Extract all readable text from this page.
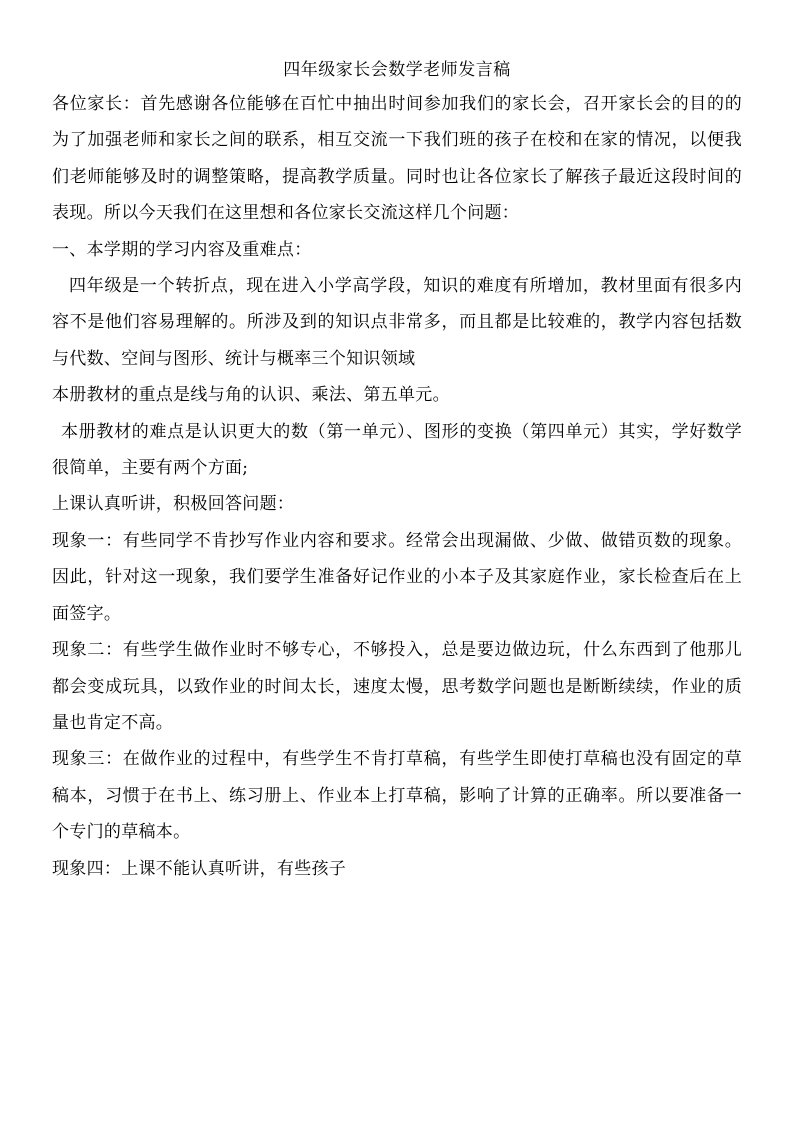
四年级家长会数学老师发言稿

各位家长：首先感谢各位能够在百忙中抽出时间参加我们的家长会，召开家长会的目的的为了加强老师和家长之间的联系，相互交流一下我们班的孩子在校和在家的情况，以便我们老师能够及时的调整策略，提高教学质量。同时也让各位家长了解孩子最近这段时间的表现。所以今天我们在这里想和各位家长交流这样几个问题：

一、本学期的学习内容及重难点：

四年级是一个转折点，现在进入小学高学段，知识的难度有所增加，教材里面有很多内容不是他们容易理解的。所涉及到的知识点非常多，而且都是比较难的，教学内容包括数与代数、空间与图形、统计与概率三个知识领域

本册教材的重点是线与角的认识、乘法、第五单元。

本册教材的难点是认识更大的数（第一单元）、图形的变换（第四单元）其实，学好数学很简单，主要有两个方面;

上课认真听讲，积极回答问题：

现象一：有些同学不肯抄写作业内容和要求。经常会出现漏做、少做、做错页数的现象。因此，针对这一现象，我们要学生准备好记作业的小本子及其家庭作业，家长检查后在上面签字。

现象二：有些学生做作业时不够专心，不够投入，总是要边做边玩，什么东西到了他那儿都会变成玩具，以致作业的时间太长，速度太慢，思考数学问题也是断断续续，作业的质量也肯定不高。

现象三：在做作业的过程中，有些学生不肯打草稿，有些学生即使打草稿也没有固定的草稿本，习惯于在书上、练习册上、作业本上打草稿，影响了计算的正确率。所以要准备一个专门的草稿本。

现象四：上课不能认真听讲，有些孩子
